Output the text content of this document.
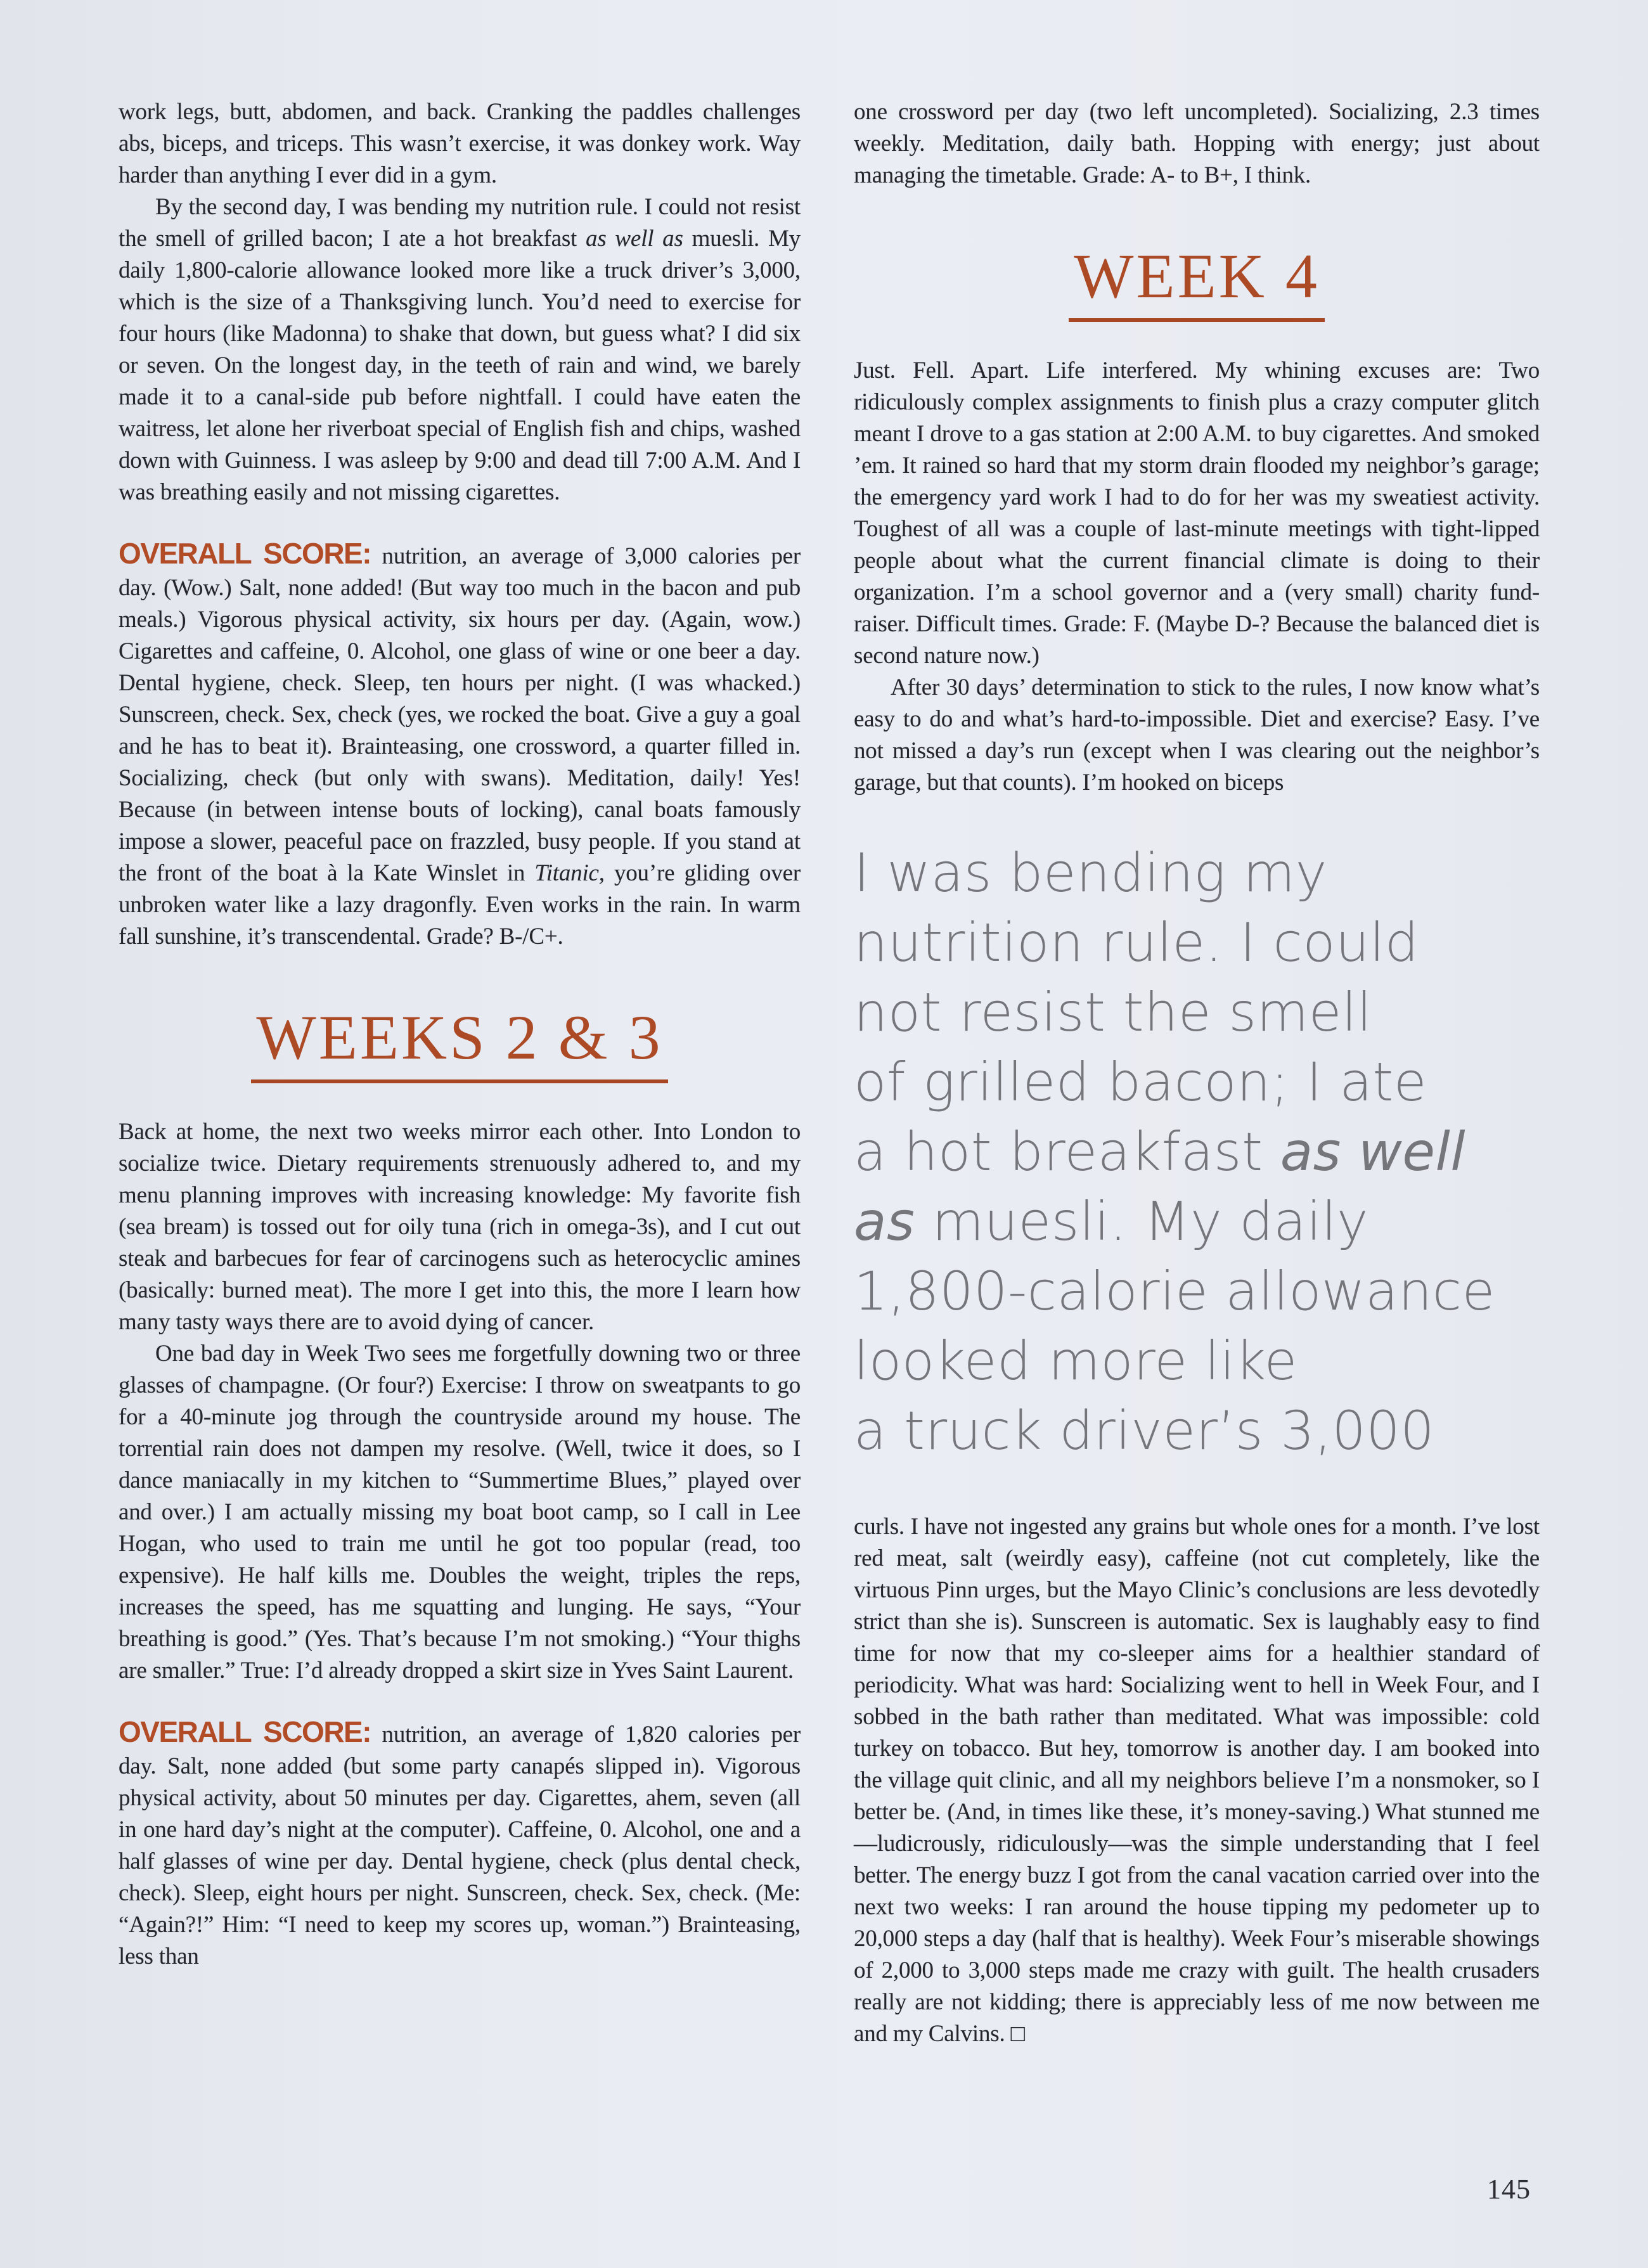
work legs, butt, abdomen, and back. Cranking the paddles challenges abs, biceps, and triceps. This wasn’t exercise, it was donkey work. Way harder than anything I ever did in a gym.

By the second day, I was bending my nutrition rule. I could not resist the smell of grilled bacon; I ate a hot breakfast as well as muesli. My daily 1,800-calorie allowance looked more like a truck driver’s 3,000, which is the size of a Thanksgiving lunch. You’d need to exercise for four hours (like Madonna) to shake that down, but guess what? I did six or seven. On the longest day, in the teeth of rain and wind, we barely made it to a canal-side pub before nightfall. I could have eaten the waitress, let alone her riverboat special of English fish and chips, washed down with Guinness. I was asleep by 9:00 and dead till 7:00 A.M. And I was breathing easily and not missing cigarettes.

OVERALL SCORE: nutrition, an average of 3,000 calories per day. (Wow.) Salt, none added! (But way too much in the bacon and pub meals.) Vigorous physical activity, six hours per day. (Again, wow.) Cigarettes and caffeine, 0. Alcohol, one glass of wine or one beer a day. Dental hygiene, check. Sleep, ten hours per night. (I was whacked.) Sunscreen, check. Sex, check (yes, we rocked the boat. Give a guy a goal and he has to beat it). Brainteasing, one crossword, a quarter filled in. Socializing, check (but only with swans). Meditation, daily! Yes! Because (in between intense bouts of locking), canal boats famously impose a slower, peaceful pace on frazzled, busy people. If you stand at the front of the boat à la Kate Winslet in Titanic, you’re gliding over unbroken water like a lazy dragonfly. Even works in the rain. In warm fall sunshine, it’s transcendental. Grade? B-/C+.

WEEKS 2 & 3

Back at home, the next two weeks mirror each other. Into London to socialize twice. Dietary requirements strenuously adhered to, and my menu planning improves with increasing knowledge: My favorite fish (sea bream) is tossed out for oily tuna (rich in omega-3s), and I cut out steak and barbecues for fear of carcinogens such as heterocyclic amines (basically: burned meat). The more I get into this, the more I learn how many tasty ways there are to avoid dying of cancer.

One bad day in Week Two sees me forgetfully downing two or three glasses of champagne. (Or four?) Exercise: I throw on sweatpants to go for a 40-minute jog through the countryside around my house. The torrential rain does not dampen my resolve. (Well, twice it does, so I dance maniacally in my kitchen to “Summertime Blues,” played over and over.) I am actually missing my boat boot camp, so I call in Lee Hogan, who used to train me until he got too popular (read, too expensive). He half kills me. Doubles the weight, triples the reps, increases the speed, has me squatting and lunging. He says, “Your breathing is good.” (Yes. That’s because I’m not smoking.) “Your thighs are smaller.” True: I’d already dropped a skirt size in Yves Saint Laurent.

OVERALL SCORE: nutrition, an average of 1,820 calories per day. Salt, none added (but some party canapés slipped in). Vigorous physical activity, about 50 minutes per day. Cigarettes, ahem, seven (all in one hard day’s night at the computer). Caffeine, 0. Alcohol, one and a half glasses of wine per day. Dental hygiene, check (plus dental check, check). Sleep, eight hours per night. Sunscreen, check. Sex, check. (Me: “Again?!” Him: “I need to keep my scores up, woman.”) Brainteasing, less than

one crossword per day (two left uncompleted). Socializing, 2.3 times weekly. Meditation, daily bath. Hopping with energy; just about managing the timetable. Grade: A- to B+, I think.

WEEK 4

Just. Fell. Apart. Life interfered. My whining excuses are: Two ridiculously complex assignments to finish plus a crazy computer glitch meant I drove to a gas station at 2:00 A.M. to buy cigarettes. And smoked ’em. It rained so hard that my storm drain flooded my neighbor’s garage; the emergency yard work I had to do for her was my sweatiest activity. Toughest of all was a couple of last-minute meetings with tight-lipped people about what the current financial climate is doing to their organization. I’m a school governor and a (very small) charity fund-raiser. Difficult times. Grade: F. (Maybe D-? Because the balanced diet is second nature now.)

After 30 days’ determination to stick to the rules, I now know what’s easy to do and what’s hard-to-impossible. Diet and exercise? Easy. I’ve not missed a day’s run (except when I was clearing out the neighbor’s garage, but that counts). I’m hooked on biceps

I was bending my
nutrition rule. I could
not resist the smell
of grilled bacon; I ate
a hot breakfast as well
as muesli. My daily
1,800-calorie allowance
looked more like
a truck driver’s 3,000

curls. I have not ingested any grains but whole ones for a month. I’ve lost red meat, salt (weirdly easy), caffeine (not cut completely, like the virtuous Pinn urges, but the Mayo Clinic’s conclusions are less devotedly strict than she is). Sunscreen is automatic. Sex is laughably easy to find time for now that my co-sleeper aims for a healthier standard of periodicity. What was hard: Socializing went to hell in Week Four, and I sobbed in the bath rather than meditated. What was impossible: cold turkey on tobacco. But hey, tomorrow is another day. I am booked into the village quit clinic, and all my neighbors believe I’m a nonsmoker, so I better be. (And, in times like these, it’s money-saving.) What stunned me—ludicrously, ridiculously—was the simple understanding that I feel better. The energy buzz I got from the canal vacation carried over into the next two weeks: I ran around the house tipping my pedometer up to 20,000 steps a day (half that is healthy). Week Four’s miserable showings of 2,000 to 3,000 steps made me crazy with guilt. The health crusaders really are not kidding; there is appreciably less of me now between me and my Calvins. □

145
